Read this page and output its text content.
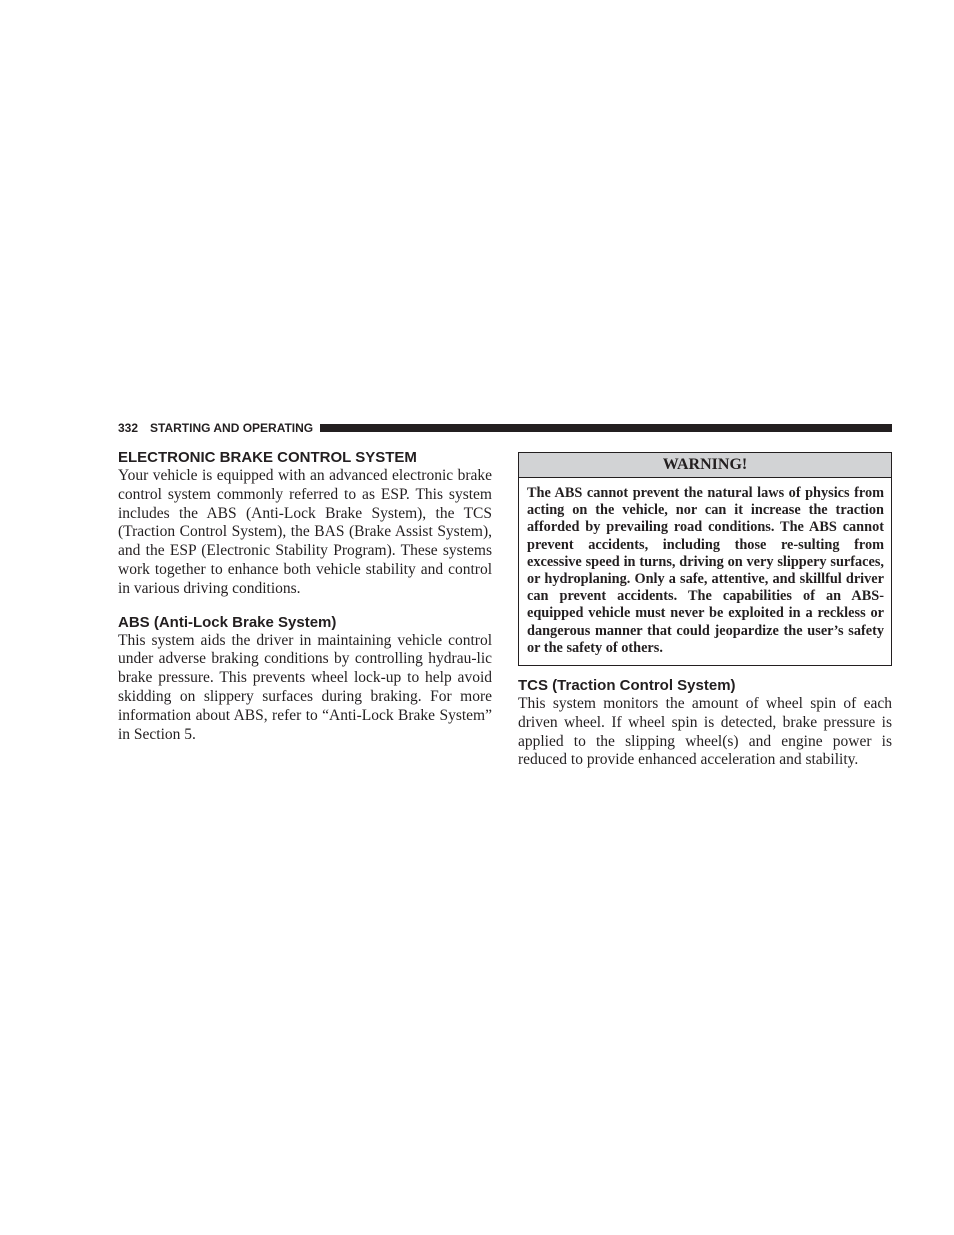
332 STARTING AND OPERATING
ELECTRONIC BRAKE CONTROL SYSTEM

Your vehicle is equipped with an advanced electronic brake control system commonly referred to as ESP. This system includes the ABS (Anti-Lock Brake System), the TCS (Traction Control System), the BAS (Brake Assist System), and the ESP (Electronic Stability Program). These systems work together to enhance both vehicle stability and control in various driving conditions.

ABS (Anti-Lock Brake System)

This system aids the driver in maintaining vehicle control under adverse braking conditions by controlling hydrau-lic brake pressure. This prevents wheel lock-up to help avoid skidding on slippery surfaces during braking. For more information about ABS, refer to “Anti-Lock Brake System” in Section 5.

WARNING!
The ABS cannot prevent the natural laws of physics from acting on the vehicle, nor can it increase the traction afforded by prevailing road conditions. The ABS cannot prevent accidents, including those re-sulting from excessive speed in turns, driving on very slippery surfaces, or hydroplaning. Only a safe, attentive, and skillful driver can prevent accidents. The capabilities of an ABS-equipped vehicle must never be exploited in a reckless or dangerous manner that could jeopardize the user’s safety or the safety of others.
TCS (Traction Control System)

This system monitors the amount of wheel spin of each driven wheel. If wheel spin is detected, brake pressure is applied to the slipping wheel(s) and engine power is reduced to provide enhanced acceleration and stability.
